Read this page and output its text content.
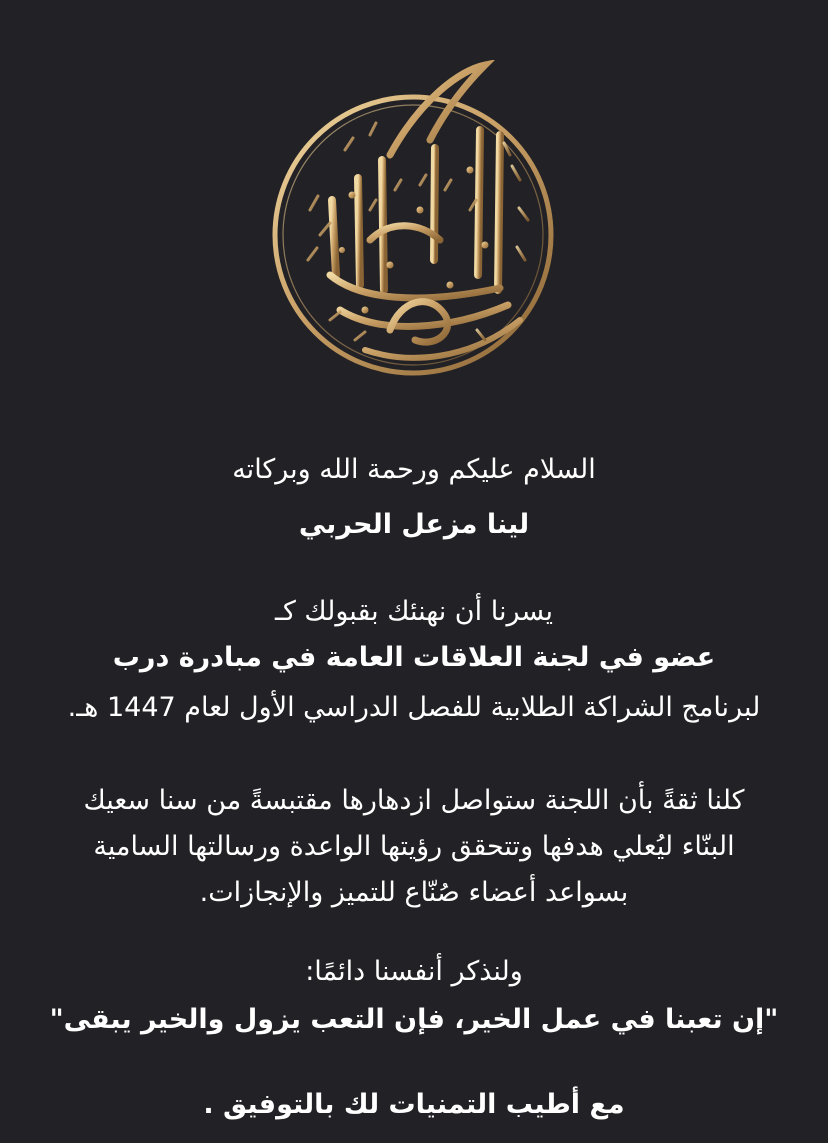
السلام عليكم ورحمة الله وبركاته
لينا مزعل الحربي
يسرنا أن نهنئك بقبولك كـ
عضو في لجنة العلاقات العامة في مبادرة درب
لبرنامج الشراكة الطلابية للفصل الدراسي الأول لعام 1447 هـ.
كلنا ثقةً بأن اللجنة ستواصل ازدهارها مقتبسةً من سنا سعيك
البنّاء ليُعلي هدفها وتتحقق رؤيتها الواعدة ورسالتها السامية
بسواعد أعضاء صُنّاع للتميز والإنجازات.
ولنذكر أنفسنا دائمًا:
"إن تعبنا في عمل الخير، فإن التعب يزول والخير يبقى"
مع أطيب التمنيات لك بالتوفيق .
